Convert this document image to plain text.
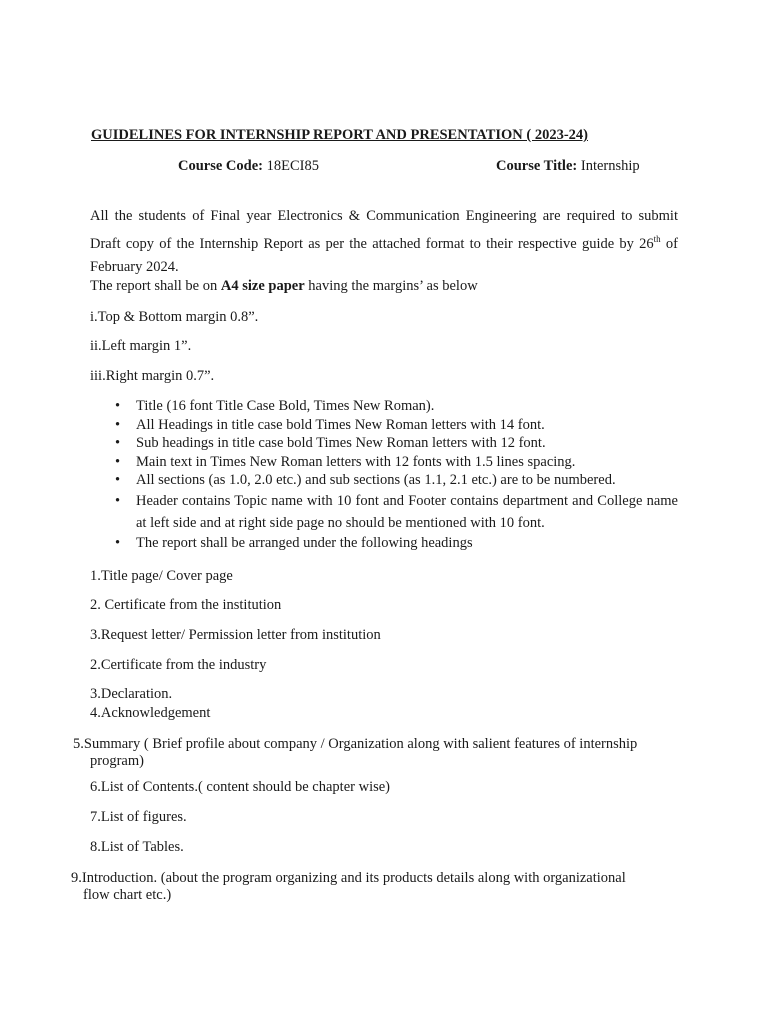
GUIDELINES FOR INTERNSHIP REPORT AND PRESENTATION ( 2023-24)
Course Code: 18ECI85	Course Title: Internship
All the students of Final year Electronics & Communication Engineering are required to submit Draft copy of the Internship Report as per the attached format to their respective guide by 26th of February 2024.
The report shall be on A4 size paper having the margins’ as below
i.Top & Bottom margin 0.8”.
ii.Left margin 1”.
iii.Right margin 0.7”.
• Title (16 font Title Case Bold, Times New Roman).
• All Headings in title case bold Times New Roman letters with 14 font.
• Sub headings in title case bold Times New Roman letters with 12 font.
• Main text in Times New Roman letters with 12 fonts with 1.5 lines spacing.
• All sections (as 1.0, 2.0 etc.) and sub sections (as 1.1, 2.1 etc.) are to be numbered.
• Header contains Topic name with 10 font and Footer contains department and College name at left side and at right side page no should be mentioned with 10 font.
• The report shall be arranged under the following headings
1.Title page/ Cover page
2. Certificate from the institution
3.Request letter/ Permission letter from institution
2.Certificate from the industry
3.Declaration.
4.Acknowledgement
5.Summary ( Brief profile about company / Organization along with salient features of internship
program)
6.List of Contents.( content should be chapter wise)
7.List of figures.
8.List of Tables.
9.Introduction. (about the program organizing and its products details along with organizational
flow chart etc.)
